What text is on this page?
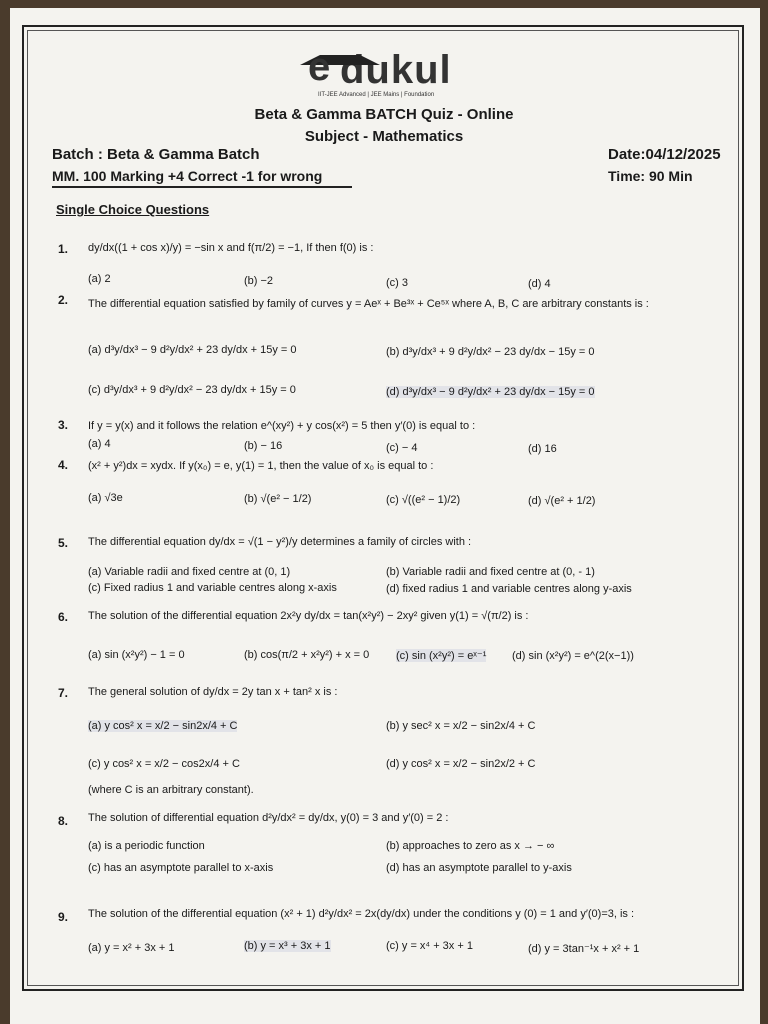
edukul
IIT-JEE Advanced | JEE Mains | Foundation
Beta & Gamma BATCH Quiz - Online
Subject - Mathematics
Batch : Beta & Gamma Batch	Date:04/12/2025
MM. 100 Marking +4 Correct -1 for wrong	Time: 90 Min
Single Choice Questions
1. dy/dx((1 + cos x)/y) = −sin x and f(π/2) = −1, If then f(0) is :
(a) 2	(b) −2	(c) 3	(d) 4
2. The differential equation satisfied by family of curves y = Aeˣ + Be³ˣ + Ce⁵ˣ where A, B, C are arbitrary constants is :
(a) d³y/dx³ − 9 d²y/dx² + 23 dy/dx + 15y = 0	(b) d³y/dx³ + 9 d²y/dx² − 23 dy/dx − 15y = 0
(c) d³y/dx³ + 9 d²y/dx² − 23 dy/dx + 15y = 0	(d) d³y/dx³ − 9 d²y/dx² + 23 dy/dx − 15y = 0
3. If y = y(x) and it follows the relation e^(xy²) + y cos(x²) = 5 then y′(0) is equal to :
(a) 4	(b) − 16	(c) − 4	(d) 16
4. (x² + y²)dx = xydx. If y(x₀) = e, y(1) = 1, then the value of x₀ is equal to :
(a) √3e	(b) √(e² − 1/2)	(c) √((e² − 1)/2)	(d) √(e² + 1/2)
5. The differential equation dy/dx = √(1 − y²)/y determines a family of circles with :
(a) Variable radii and fixed centre at (0, 1)	(b) Variable radii and fixed centre at (0, - 1)
(c) Fixed radius 1 and variable centres along x-axis	(d) fixed radius 1 and variable centres along y-axis
6. The solution of the differential equation 2x²y dy/dx = tan(x²y²) − 2xy² given y(1) = √(π/2) is :
(a) sin (x²y²) − 1 = 0	(b) cos(π/2 + x²y²) + x = 0 (c) sin (x²y²) = eˣ⁻¹ (d) sin (x²y²) = e^(2(x−1))
7. The general solution of dy/dx = 2y tan x + tan² x is :
(a) y cos² x = x/2 − sin2x/4 + C	(b) y sec² x = x/2 − sin2x/4 + C
(c) y cos² x = x/2 − cos2x/4 + C	(d) y cos² x = x/2 − sin2x/2 + C
(where C is an arbitrary constant).
8. The solution of differential equation d²y/dx² = dy/dx, y(0) = 3 and y′(0) = 2 :
(a) is a periodic function	(b) approaches to zero as x → − ∞
(c) has an asymptote parallel to x-axis	(d) has an asymptote parallel to y-axis
9. The solution of the differential equation (x² + 1) d²y/dx² = 2x(dy/dx) under the conditions y (0) = 1 and y′(0)=3, is :
(a) y = x² + 3x + 1	(b) y = x³ + 3x + 1	(c) y = x⁴ + 3x + 1	(d) y = 3tan⁻¹x + x² + 1
